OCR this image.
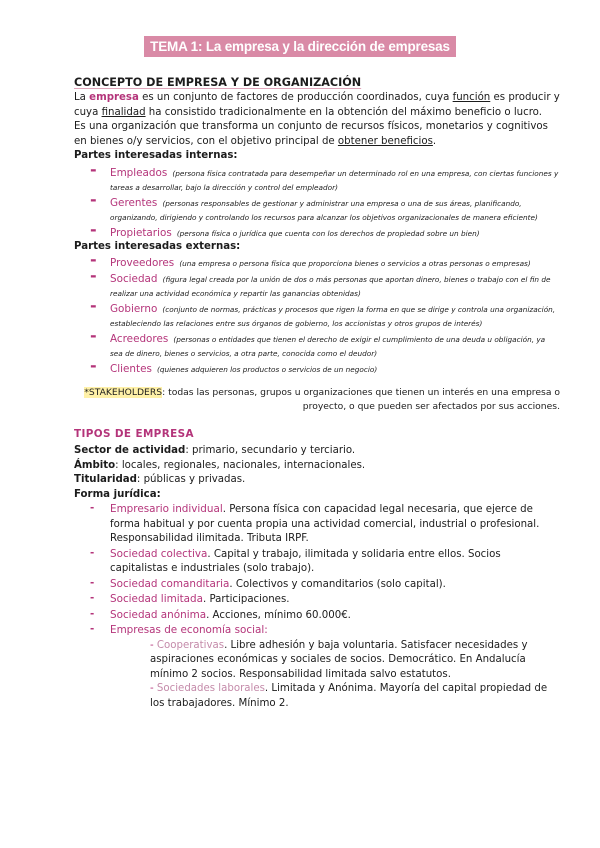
TEMA 1: La empresa y la dirección de empresas
CONCEPTO DE EMPRESA Y DE ORGANIZACIÓN
La empresa es un conjunto de factores de producción coordinados, cuya función es producir y cuya finalidad ha consistido tradicionalmente en la obtención del máximo beneficio o lucro.
Es una organización que transforma un conjunto de recursos físicos, monetarios y cognitivos en bienes o/y servicios, con el objetivo principal de obtener beneficios.
Partes interesadas internas:
- Empleados (persona física contratada para desempeñar un determinado rol en una empresa, con ciertas funciones y tareas a desarrollar, bajo la dirección y control del empleador)
- Gerentes (personas responsables de gestionar y administrar una empresa o una de sus áreas, planificando, organizando, dirigiendo y controlando los recursos para alcanzar los objetivos organizacionales de manera eficiente)
- Propietarios (persona física o jurídica que cuenta con los derechos de propiedad sobre un bien)
Partes interesadas externas:
- Proveedores (una empresa o persona física que proporciona bienes o servicios a otras personas o empresas)
- Sociedad (figura legal creada por la unión de dos o más personas que aportan dinero, bienes o trabajo con el fin de realizar una actividad económica y repartir las ganancias obtenidas)
- Gobierno (conjunto de normas, prácticas y procesos que rigen la forma en que se dirige y controla una organización, estableciendo las relaciones entre sus órganos de gobierno, los accionistas y otros grupos de interés)
- Acreedores (personas o entidades que tienen el derecho de exigir el cumplimiento de una deuda u obligación, ya sea de dinero, bienes o servicios, a otra parte, conocida como el deudor)
- Clientes (quienes adquieren los productos o servicios de un negocio)
*STAKEHOLDERS: todas las personas, grupos u organizaciones que tienen un interés en una empresa o
proyecto, o que pueden ser afectados por sus acciones.
TIPOS DE EMPRESA
Sector de actividad: primario, secundario y terciario.
Ámbito: locales, regionales, nacionales, internacionales.
Titularidad: públicas y privadas.
Forma jurídica:
- Empresario individual. Persona física con capacidad legal necesaria, que ejerce de forma habitual y por cuenta propia una actividad comercial, industrial o profesional. Responsabilidad ilimitada. Tributa IRPF.
- Sociedad colectiva. Capital y trabajo, ilimitada y solidaria entre ellos. Socios capitalistas e industriales (solo trabajo).
- Sociedad comanditaria. Colectivos y comanditarios (solo capital).
- Sociedad limitada. Participaciones.
- Sociedad anónima. Acciones, mínimo 60.000€.
- Empresas de economía social:
- Cooperativas. Libre adhesión y baja voluntaria. Satisfacer necesidades y aspiraciones económicas y sociales de socios. Democrático. En Andalucía mínimo 2 socios. Responsabilidad limitada salvo estatutos.
- Sociedades laborales. Limitada y Anónima. Mayoría del capital propiedad de los trabajadores. Mínimo 2.
